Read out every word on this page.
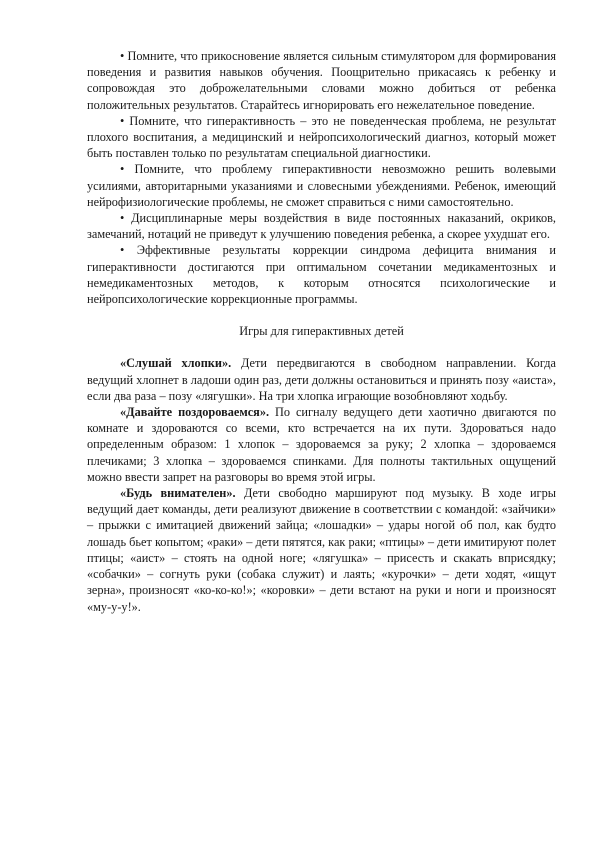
• Помните, что прикосновение является сильным стимулятором для формирования поведения и развития навыков обучения. Поощрительно прикасаясь к ребенку и сопровождая это доброжелательными словами можно добиться от ребенка положительных результатов. Старайтесь игнорировать его нежелательное поведение.

• Помните, что гиперактивность – это не поведенческая проблема, не результат плохого воспитания, а медицинский и нейропсихологический диагноз, который может быть поставлен только по результатам специальной диагностики.

• Помните, что проблему гиперактивности невозможно решить волевыми усилиями, авторитарными указаниями и словесными убеждениями. Ребенок, имеющий нейрофизиологические проблемы, не сможет справиться с ними самостоятельно.

• Дисциплинарные меры воздействия в виде постоянных наказаний, окриков, замечаний, нотаций не приведут к улучшению поведения ребенка, а скорее ухудшат его.

• Эффективные результаты коррекции синдрома дефицита внимания и гиперактивности достигаются при оптимальном сочетании медикаментозных и немедикаментозных методов, к которым относятся психологические и нейропсихологические коррекционные программы.

Игры для гиперактивных детей

«Слушай хлопки». Дети передвигаются в свободном направлении. Когда ведущий хлопнет в ладоши один раз, дети должны остановиться и принять позу «аиста», если два раза – позу «лягушки». На три хлопка играющие возобновляют ходьбу.

«Давайте поздороваемся». По сигналу ведущего дети хаотично двигаются по комнате и здороваются со всеми, кто встречается на их пути. Здороваться надо определенным образом: 1 хлопок – здороваемся за руку; 2 хлопка – здороваемся плечиками; 3 хлопка – здороваемся спинками. Для полноты тактильных ощущений можно ввести запрет на разговоры во время этой игры.

«Будь внимателен». Дети свободно маршируют под музыку. В ходе игры ведущий дает команды, дети реализуют движение в соответствии с командой: «зайчики» – прыжки с имитацией движений зайца; «лошадки» – удары ногой об пол, как будто лошадь бьет копытом; «раки» – дети пятятся, как раки; «птицы» – дети имитируют полет птицы; «аист» – стоять на одной ноге; «лягушка» – присесть и скакать вприсядку; «собачки» – согнуть руки (собака служит) и лаять; «курочки» – дети ходят, «ищут зерна», произносят «ко-ко-ко!»; «коровки» – дети встают на руки и ноги и произносят «му-у-у!».
